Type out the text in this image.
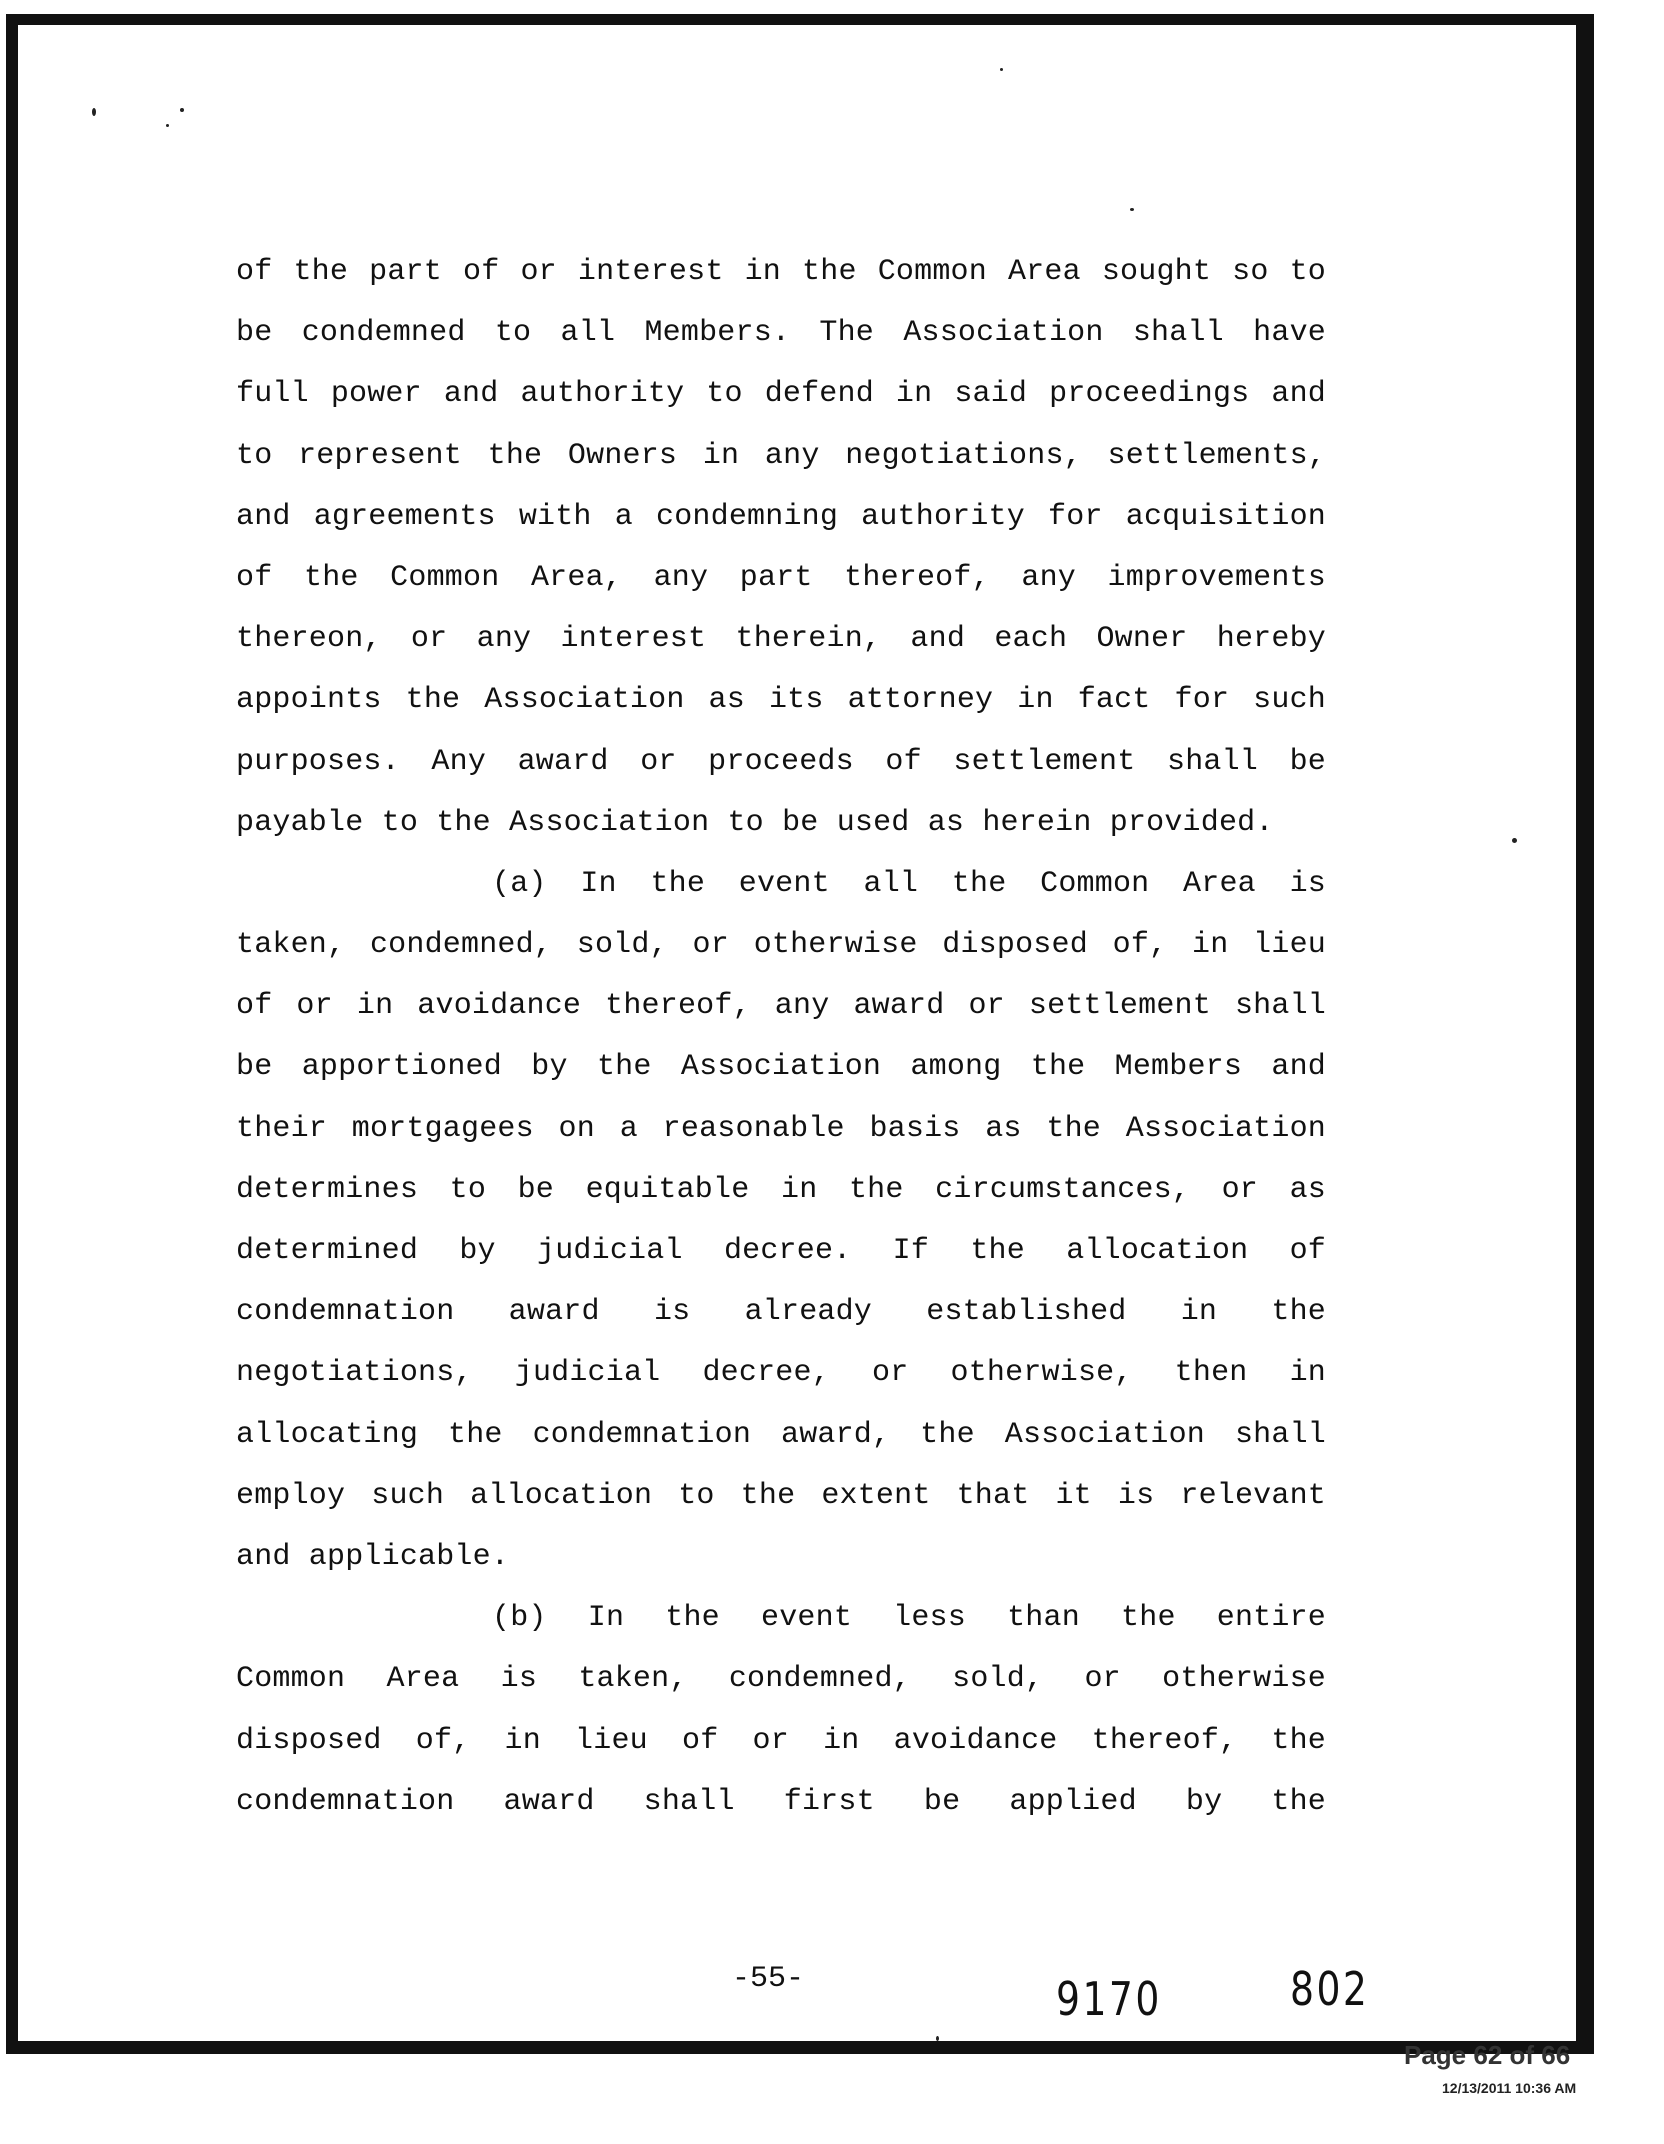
of the part of or interest in the Common Area sought so to
be condemned to all Members. The Association shall have
full power and authority to defend in said proceedings and
to represent the Owners in any negotiations, settlements,
and agreements with a condemning authority for acquisition
of the Common Area, any part thereof, any improvements
thereon, or any interest therein, and each Owner hereby
appoints the Association as its attorney in fact for such
purposes. Any award or proceeds of settlement shall be
payable to the Association to be used as herein provided.
(a) In the event all the Common Area is
taken, condemned, sold, or otherwise disposed of, in lieu
of or in avoidance thereof, any award or settlement shall
be apportioned by the Association among the Members and
their mortgagees on a reasonable basis as the Association
determines to be equitable in the circumstances, or as
determined by judicial decree. If the allocation of
condemnation award is already established in the
negotiations, judicial decree, or otherwise, then in
allocating the condemnation award, the Association shall
employ such allocation to the extent that it is relevant
and applicable.
(b) In the event less than the entire
Common Area is taken, condemned, sold, or otherwise
disposed of, in lieu of or in avoidance thereof, the
condemnation award shall first be applied by the
-55-	9170	802
Page 62 of 66
12/13/2011 10:36 AM
